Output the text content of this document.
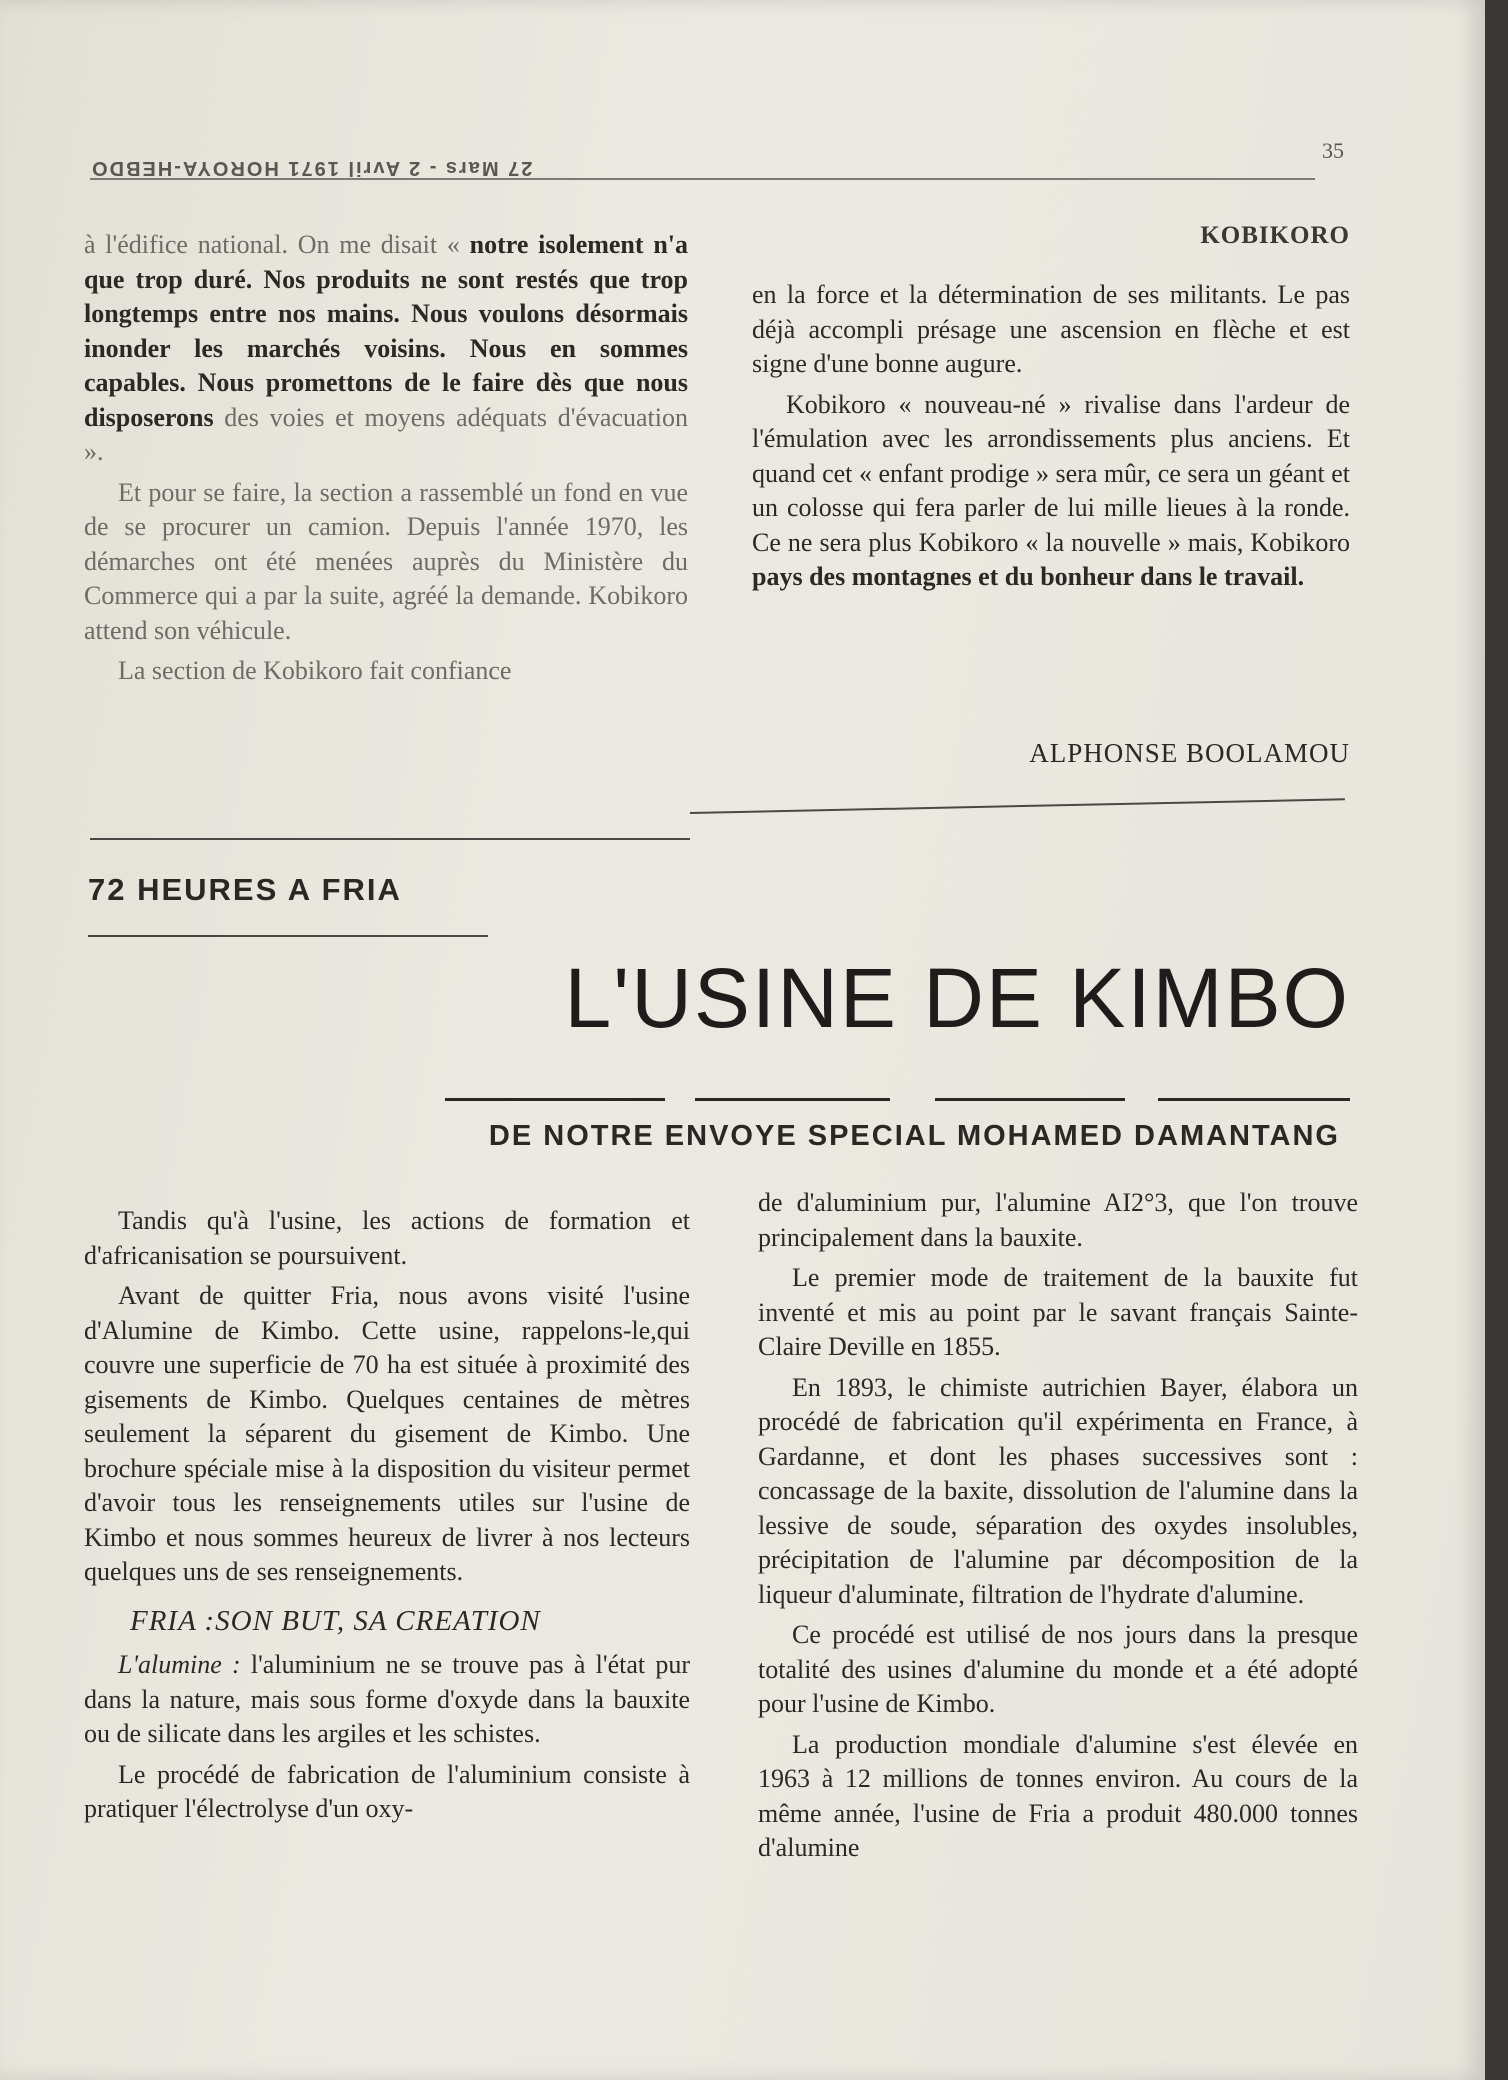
27 Mars - 2 Avril 1971 HOROYA-HEBDO
35

à l'édifice national. On me disait « notre isolement n'a que trop duré. Nos produits ne sont restés que trop longtemps entre nos mains. Nous voulons désormais inonder les marchés voisins. Nous en sommes capables. Nous promettons de le faire dès que nous disposerons des voies et moyens adéquats d'évacuation ».

Et pour se faire, la section a rassemblé un fond en vue de se procurer un camion. Depuis l'année 1970, les démarches ont été menées auprès du Ministère du Commerce qui a par la suite, agréé la demande. Kobikoro attend son véhicule.

La section de Kobikoro fait confiance

KOBIKORO

en la force et la détermination de ses militants. Le pas déjà accompli présage une ascension en flèche et est signe d'une bonne augure.

Kobikoro « nouveau-né » rivalise dans l'ardeur de l'émulation avec les arrondissements plus anciens. Et quand cet « enfant prodige » sera mûr, ce sera un géant et un colosse qui fera parler de lui mille lieues à la ronde. Ce ne sera plus Kobikoro « la nouvelle » mais, Kobikoro pays des montagnes et du bonheur dans le travail.

ALPHONSE BOOLAMOU
72 HEURES A FRIA
L'USINE DE KIMBO
DE NOTRE ENVOYE SPECIAL MOHAMED DAMANTANG

Tandis qu'à l'usine, les actions de formation et d'africanisation se poursuivent.

Avant de quitter Fria, nous avons visité l'usine d'Alumine de Kimbo. Cette usine, rappelons-le,qui couvre une superficie de 70 ha est située à proximité des gisements de Kimbo. Quelques centaines de mètres seulement la séparent du gisement de Kimbo. Une brochure spéciale mise à la disposition du visiteur permet d'avoir tous les renseignements utiles sur l'usine de Kimbo et nous sommes heureux de livrer à nos lecteurs quelques uns de ses renseignements.

FRIA :SON BUT, SA CREATION

L'alumine : l'aluminium ne se trouve pas à l'état pur dans la nature, mais sous forme d'oxyde dans la bauxite ou de silicate dans les argiles et les schistes.

Le procédé de fabrication de l'aluminium consiste à pratiquer l'électrolyse d'un oxy-

de d'aluminium pur, l'alumine AI2°3, que l'on trouve principalement dans la bauxite.

Le premier mode de traitement de la bauxite fut inventé et mis au point par le savant français Sainte-Claire Deville en 1855.

En 1893, le chimiste autrichien Bayer, élabora un procédé de fabrication qu'il expérimenta en France, à Gardanne, et dont les phases successives sont : concassage de la baxite, dissolution de l'alumine dans la lessive de soude, séparation des oxydes insolubles, précipitation de l'alumine par décomposition de la liqueur d'aluminate, filtration de l'hydrate d'alumine.

Ce procédé est utilisé de nos jours dans la presque totalité des usines d'alumine du monde et a été adopté pour l'usine de Kimbo.

La production mondiale d'alumine s'est élevée en 1963 à 12 millions de tonnes environ. Au cours de la même année, l'usine de Fria a produit 480.000 tonnes d'alumine
